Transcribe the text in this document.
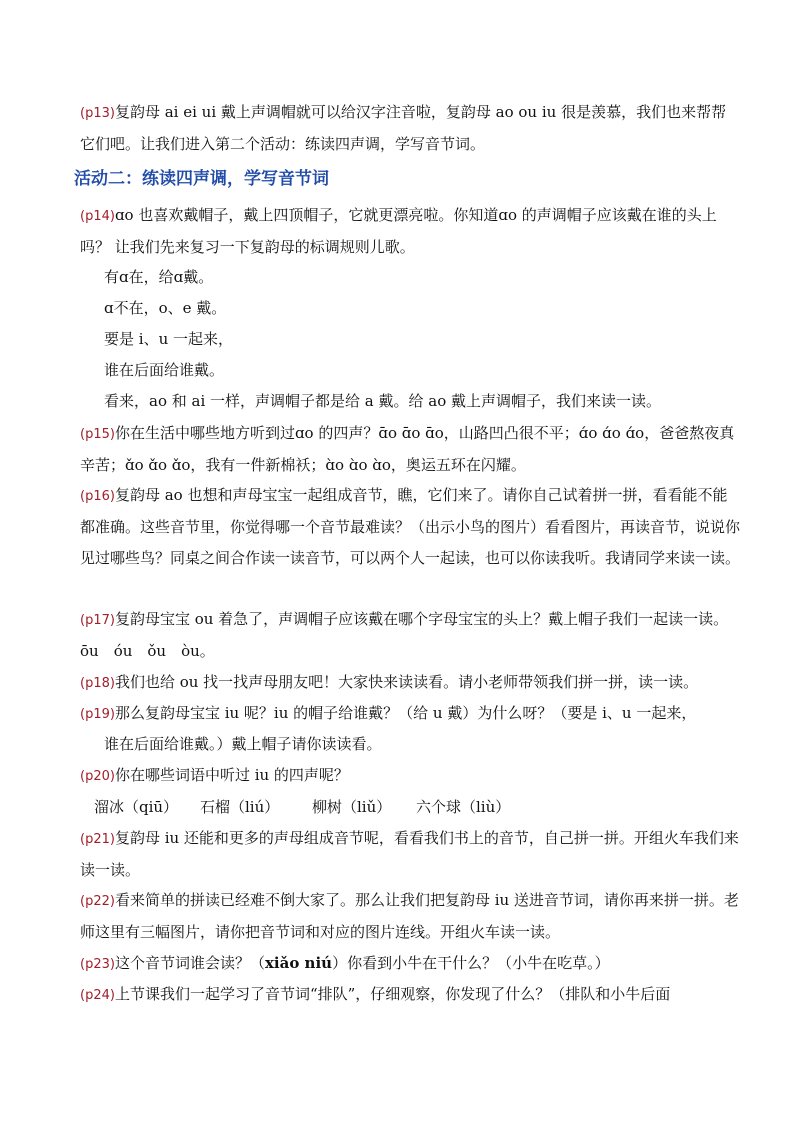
(p13)复韵母 ai ei ui 戴上声调帽就可以给汉字注音啦，复韵母 ao ou iu 很是羡慕，我们也来帮帮它们吧。让我们进入第二个活动：练读四声调，学写音节词。

活动二：练读四声调，学写音节词

(p14)ɑo 也喜欢戴帽子，戴上四顶帽子，它就更漂亮啦。你知道ɑo 的声调帽子应该戴在谁的头上吗？ 让我们先来复习一下复韵母的标调规则儿歌。

有ɑ在，给ɑ戴。

ɑ不在，o、e 戴。

要是 i、u 一起来，

谁在后面给谁戴。

看来，ao 和 ai 一样，声调帽子都是给 a 戴。给 ao 戴上声调帽子，我们来读一读。

(p15)你在生活中哪些地方听到过ɑo 的四声？ɑ̄o ɑ̄o ɑ̄o，山路凹凸很不平；ɑ́o ɑ́o ɑ́o，爸爸熬夜真辛苦；ɑ̌o ɑ̌o ɑ̌o，我有一件新棉袄；ɑ̀o ɑ̀o ɑ̀o，奥运五环在闪耀。

(p16)复韵母 ao 也想和声母宝宝一起组成音节，瞧，它们来了。请你自己试着拼一拼，看看能不能都准确。这些音节里，你觉得哪一个音节最难读？（出示小鸟的图片）看看图片，再读音节，说说你见过哪些鸟？同桌之间合作读一读音节，可以两个人一起读，也可以你读我听。我请同学来读一读。

(p17)复韵母宝宝 ou 着急了，声调帽子应该戴在哪个字母宝宝的头上？戴上帽子我们一起读一读。ōu　óu　ǒu　òu。

(p18)我们也给 ou 找一找声母朋友吧！大家快来读读看。请小老师带领我们拼一拼，读一读。

(p19)那么复韵母宝宝 iu 呢？iu 的帽子给谁戴？（给 u 戴）为什么呀？（要是 i、u 一起来，

谁在后面给谁戴。）戴上帽子请你读读看。

(p20)你在哪些词语中听过 iu 的四声呢？

溜冰（qiū） 石榴（liú） 柳树（liǔ） 六个球（liù）

(p21)复韵母 iu 还能和更多的声母组成音节呢，看看我们书上的音节，自己拼一拼。开组火车我们来读一读。

(p22)看来简单的拼读已经难不倒大家了。那么让我们把复韵母 iu 送进音节词，请你再来拼一拼。老师这里有三幅图片，请你把音节词和对应的图片连线。开组火车读一读。

(p23)这个音节词谁会读？（xiǎo niú）你看到小牛在干什么？（小牛在吃草。）

(p24)上节课我们一起学习了音节词“排队”，仔细观察，你发现了什么？（排队和小牛后面
